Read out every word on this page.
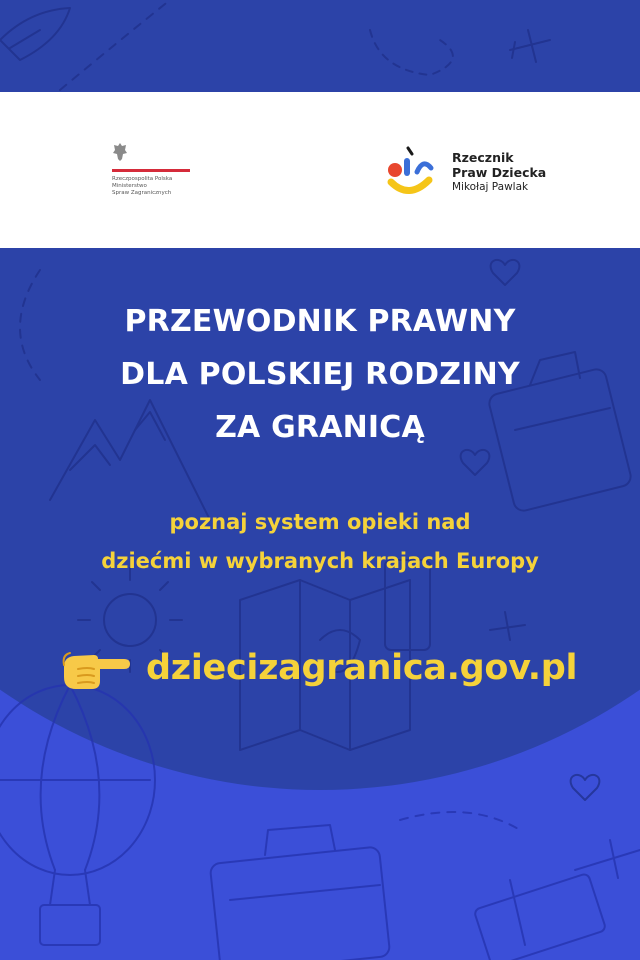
Rzeczpospolita Polska
Ministerstwo
Spraw Zagranicznych
Rzecznik
Praw Dziecka
Mikołaj Pawlak
PRZEWODNIK PRAWNY
DLA POLSKIEJ RODZINY
ZA GRANICĄ
poznaj system opieki nad
dziećmi w wybranych krajach Europy
dziecizagranica.gov.pl
